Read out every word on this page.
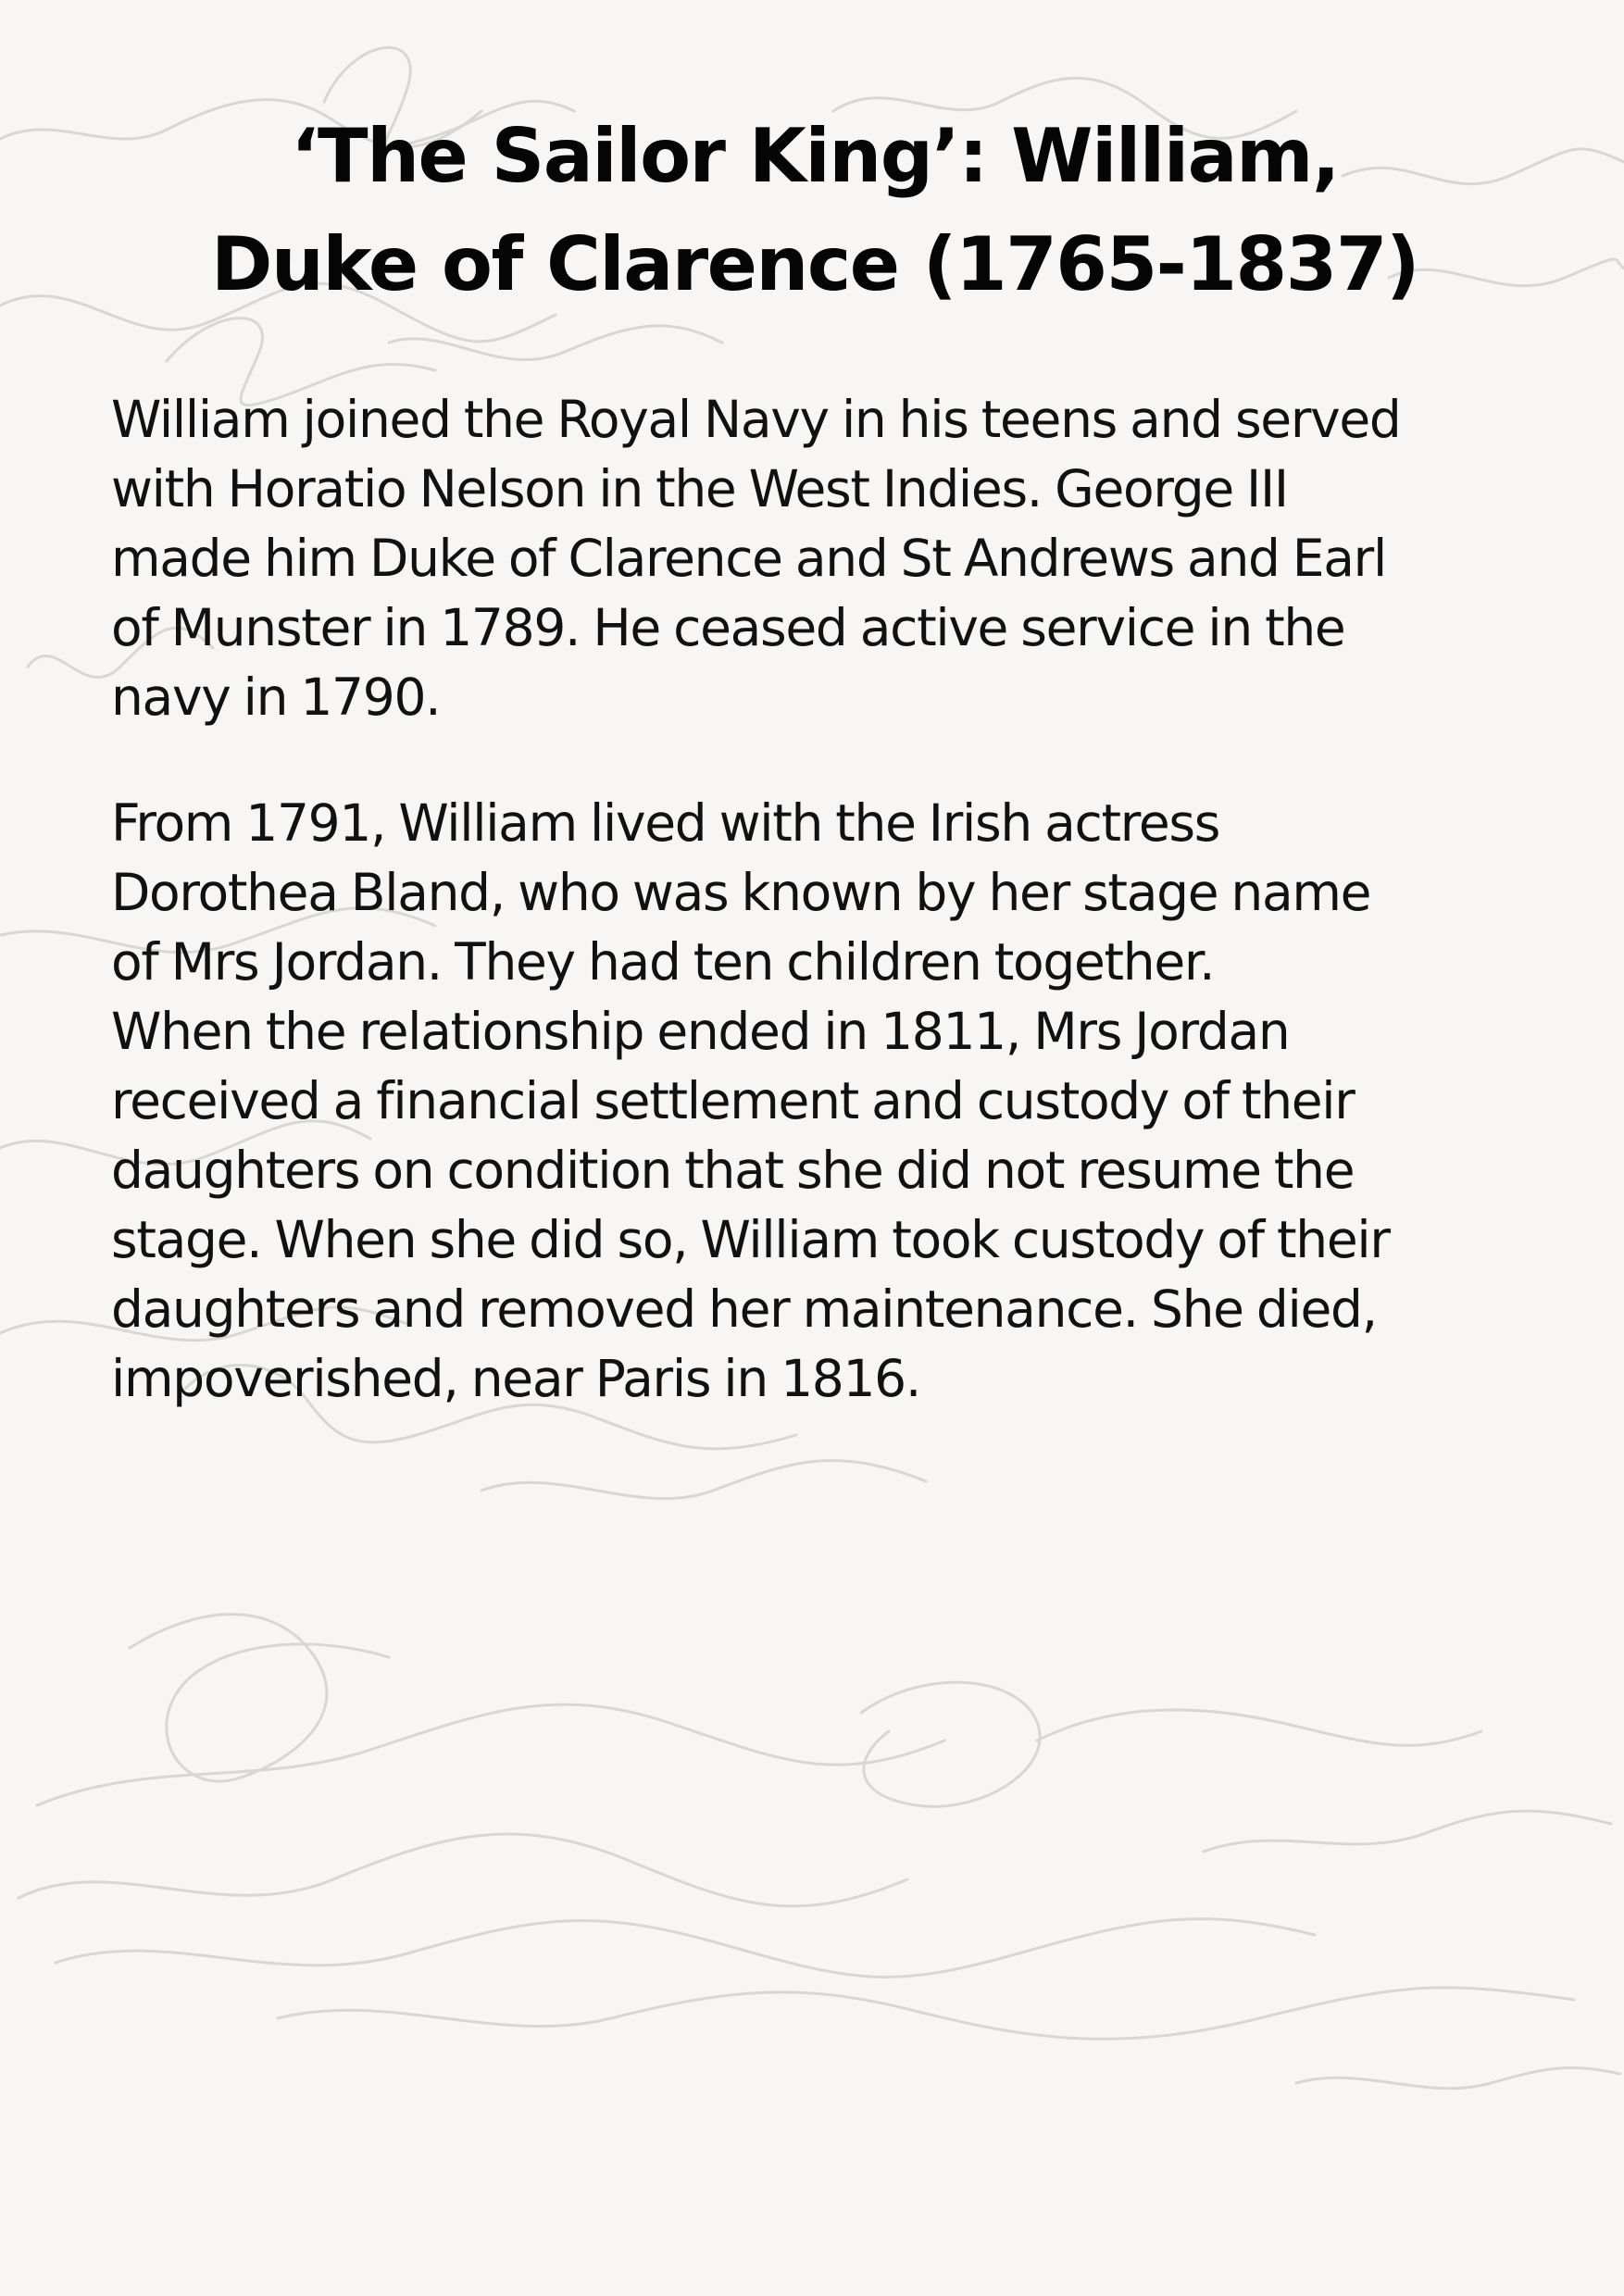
‘The Sailor King’: William,
Duke of Clarence (1765-1837)

William joined the Royal Navy in his teens and served
with Horatio Nelson in the West Indies. George III
made him Duke of Clarence and St Andrews and Earl
of Munster in 1789. He ceased active service in the
navy in 1790.

From 1791, William lived with the Irish actress
Dorothea Bland, who was known by her stage name
of Mrs Jordan. They had ten children together.
When the relationship ended in 1811, Mrs Jordan
received a financial settlement and custody of their
daughters on condition that she did not resume the
stage. When she did so, William took custody of their
daughters and removed her maintenance. She died,
impoverished, near Paris in 1816.
